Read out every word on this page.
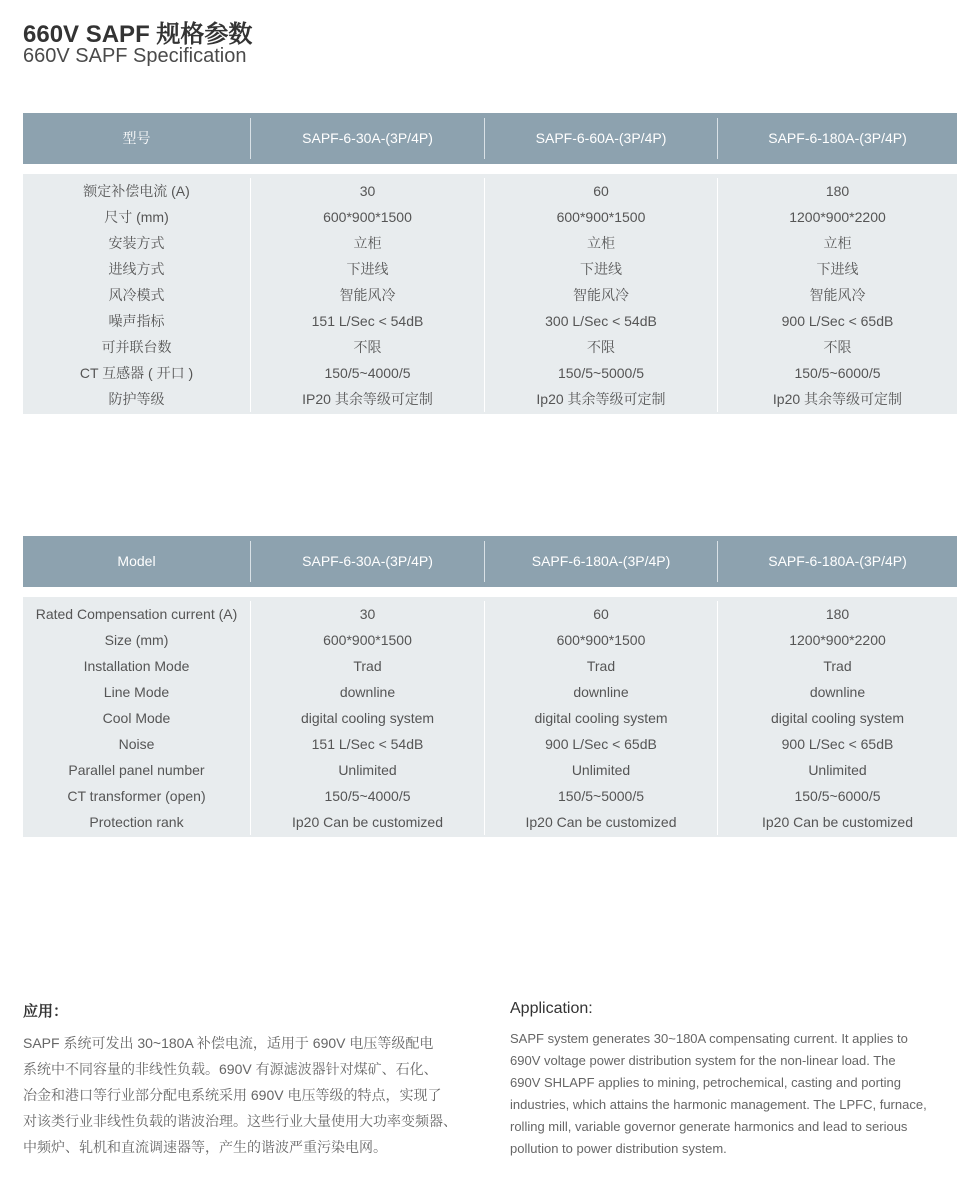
660V SAPF 规格参数
660V SAPF Specification
型号	SAPF-6-30A-(3P/4P)	SAPF-6-60A-(3P/4P)	SAPF-6-180A-(3P/4P)
额定补偿电流 (A)	30	60	180
尺寸 (mm)	600*900*1500	600*900*1500	1200*900*2200
安装方式	立柜	立柜	立柜
进线方式	下进线	下进线	下进线
风冷模式	智能风冷	智能风冷	智能风冷
噪声指标	151 L/Sec < 54dB	300 L/Sec < 54dB	900 L/Sec < 65dB
可并联台数	不限	不限	不限
CT 互感器 ( 开口 )	150/5~4000/5	150/5~5000/5	150/5~6000/5
防护等级	IP20 其余等级可定制	Ip20 其余等级可定制	Ip20 其余等级可定制
Model	SAPF-6-30A-(3P/4P)	SAPF-6-180A-(3P/4P)	SAPF-6-180A-(3P/4P)
Rated Compensation current (A)	30	60	180
Size (mm)	600*900*1500	600*900*1500	1200*900*2200
Installation Mode	Trad	Trad	Trad
Line Mode	downline	downline	downline
Cool Mode	digital cooling system	digital cooling system	digital cooling system
Noise	151 L/Sec < 54dB	900 L/Sec < 65dB	900 L/Sec < 65dB
Parallel panel number	Unlimited	Unlimited	Unlimited
CT transformer (open)	150/5~4000/5	150/5~5000/5	150/5~6000/5
Protection rank	Ip20 Can be customized	Ip20 Can be customized	Ip20 Can be customized
应用：
SAPF 系统可发出 30~180A 补偿电流，适用于 690V 电压等级配电
系统中不同容量的非线性负载。690V 有源滤波器针对煤矿、石化、
冶金和港口等行业部分配电系统采用 690V 电压等级的特点，实现了
对该类行业非线性负载的谐波治理。这些行业大量使用大功率变频器、
中频炉、轧机和直流调速器等，产生的谐波严重污染电网。
Application:
SAPF system generates 30~180A compensating current. It applies to
690V voltage power distribution system for the non-linear load. The
690V SHLAPF applies to mining, petrochemical, casting and porting
industries, which attains the harmonic management. The LPFC, furnace,
rolling mill, variable governor generate harmonics and lead to serious
pollution to power distribution system.
